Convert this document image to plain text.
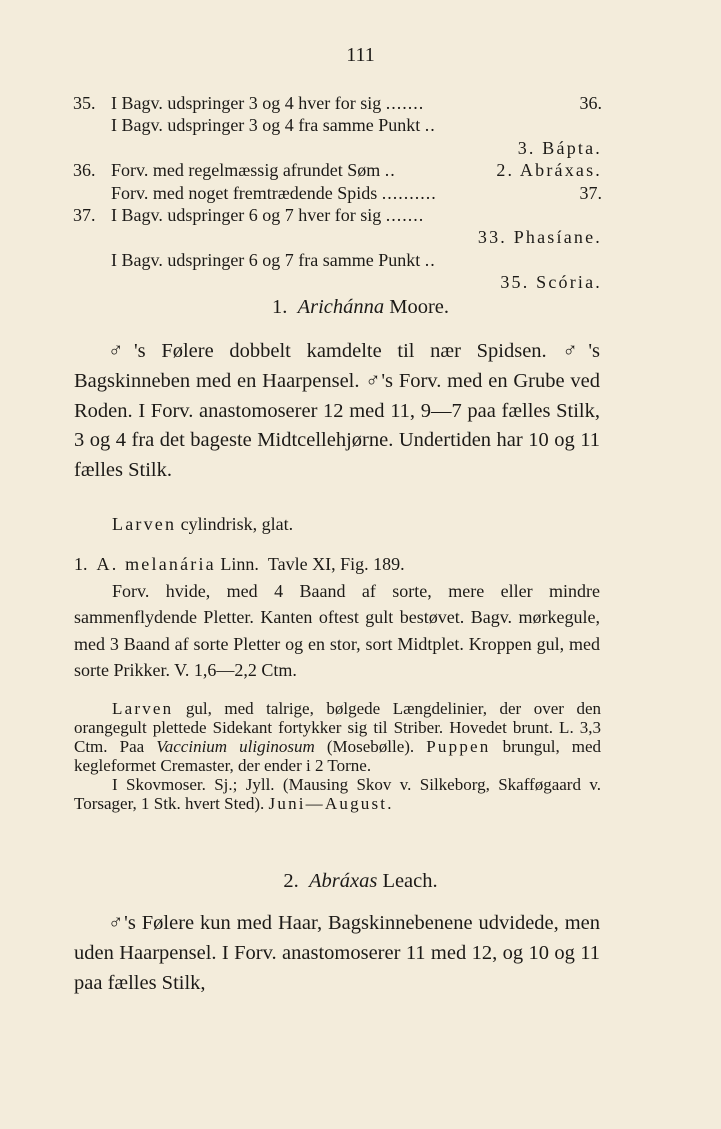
111
35. I Bagv. udspringer 3 og 4 hver for sig .......	36.
I Bagv. udspringer 3 og 4 fra samme Punkt ..
3. Bápta.
36. Forv. med regelmæssig afrundet Søm ..	2. Abráxas.
Forv. med noget fremtrædende Spids ..........	37.
37. I Bagv. udspringer 6 og 7 hver for sig .......
33. Phasíane.
I Bagv. udspringer 6 og 7 fra samme Punkt ..
35. Scória.
1. Arichánna Moore.

♂'s Følere dobbelt kamdelte til nær Spidsen. ♂'s Bagskinneben med en Haarpensel. ♂'s Forv. med en Grube ved Roden. I Forv. anastomoserer 12 med 11, 9—7 paa fælles Stilk, 3 og 4 fra det bageste Midtcellehjørne. Undertiden har 10 og 11 fælles Stilk.

Larven cylindrisk, glat.

1. A. melanária Linn. Tavle XI, Fig. 189.

Forv. hvide, med 4 Baand af sorte, mere eller mindre sammenflydende Pletter. Kanten oftest gult bestøvet. Bagv. mørkegule, med 3 Baand af sorte Pletter og en stor, sort Midtplet. Kroppen gul, med sorte Prikker. V. 1,6—2,2 Ctm.

Larven gul, med talrige, bølgede Længdelinier, der over den orangegult plettede Sidekant fortykker sig til Striber. Hovedet brunt. L. 3,3 Ctm. Paa Vaccinium uliginosum (Mosebølle). Puppen brungul, med kegleformet Cremaster, der ender i 2 Torne.

I Skovmoser. Sj.; Jyll. (Mausing Skov v. Silkeborg, Skafføgaard v. Torsager, 1 Stk. hvert Sted). Juni—August.

2. Abráxas Leach.

♂'s Følere kun med Haar, Bagskinnebenene udvidede, men uden Haarpensel. I Forv. anastomoserer 11 med 12, og 10 og 11 paa fælles Stilk,
